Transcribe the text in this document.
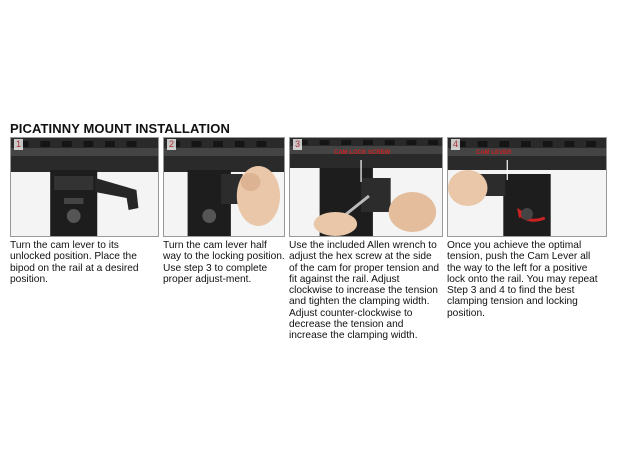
PICATINNY MOUNT INSTALLATION
1
Turn the cam lever to its unlocked position. Place the bipod on the rail at a desired position.
2
Turn the cam lever half way to the locking position. Use step 3 to complete proper adjust-ment.
3
CAM LOCK SCREW
Use the included Allen wrench to adjust the hex screw at the side of the cam for proper tension and fit against the rail. Adjust clockwise to increase the tension and tighten the clamping width. Adjust counter-clockwise to decrease the tension and increase the clamping width.
4
CAM LEVER
Once you achieve the optimal tension, push the Cam Lever all the way to the left for a positive lock onto the rail. You may repeat Step 3 and 4 to find the best clamping tension and locking position.
